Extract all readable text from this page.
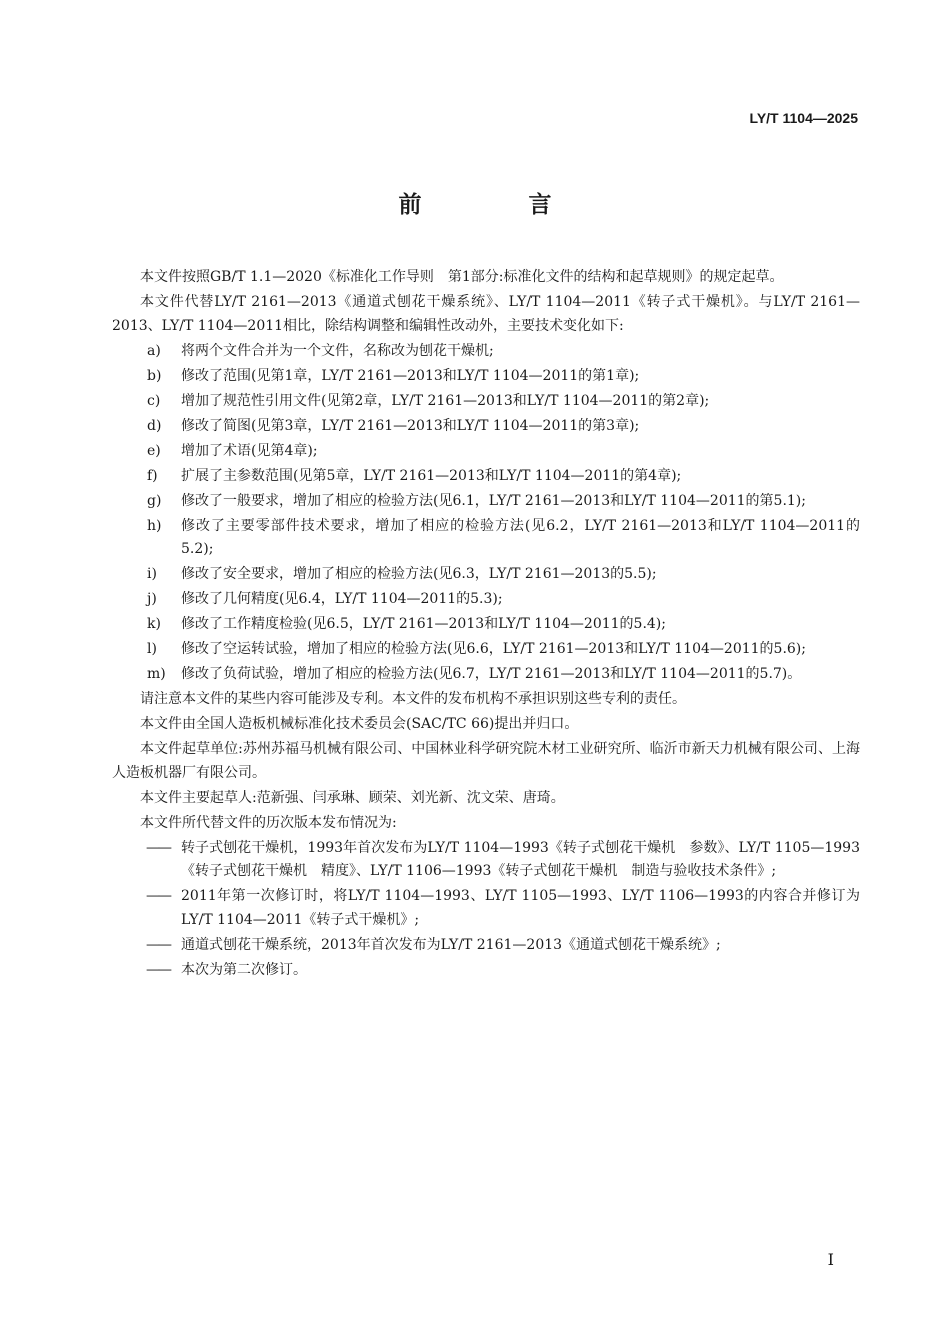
LY/T 1104—2025
前　言

本文件按照GB/T 1.1—2020《标准化工作导则　第1部分:标准化文件的结构和起草规则》的规定起草。

本文件代替LY/T 2161—2013《通道式刨花干燥系统》、LY/T 1104—2011《转子式干燥机》。与LY/T 2161—2013、LY/T 1104—2011相比，除结构调整和编辑性改动外，主要技术变化如下:

a) 将两个文件合并为一个文件，名称改为刨花干燥机;
b) 修改了范围(见第1章，LY/T 2161—2013和LY/T 1104—2011的第1章);
c) 增加了规范性引用文件(见第2章，LY/T 2161—2013和LY/T 1104—2011的第2章);
d) 修改了简图(见第3章，LY/T 2161—2013和LY/T 1104—2011的第3章);
e) 增加了术语(见第4章);
f) 扩展了主参数范围(见第5章，LY/T 2161—2013和LY/T 1104—2011的第4章);
g) 修改了一般要求，增加了相应的检验方法(见6.1，LY/T 2161—2013和LY/T 1104—2011的第5.1);
h) 修改了主要零部件技术要求，增加了相应的检验方法(见6.2，LY/T 2161—2013和LY/T 1104—2011的5.2);
i) 修改了安全要求，增加了相应的检验方法(见6.3，LY/T 2161—2013的5.5);
j) 修改了几何精度(见6.4，LY/T 1104—2011的5.3);
k) 修改了工作精度检验(见6.5，LY/T 2161—2013和LY/T 1104—2011的5.4);
l) 修改了空运转试验，增加了相应的检验方法(见6.6，LY/T 2161—2013和LY/T 1104—2011的5.6);
m) 修改了负荷试验，增加了相应的检验方法(见6.7，LY/T 2161—2013和LY/T 1104—2011的5.7)。

请注意本文件的某些内容可能涉及专利。本文件的发布机构不承担识别这些专利的责任。

本文件由全国人造板机械标准化技术委员会(SAC/TC 66)提出并归口。

本文件起草单位:苏州苏福马机械有限公司、中国林业科学研究院木材工业研究所、临沂市新天力机械有限公司、上海人造板机器厂有限公司。

本文件主要起草人:范新强、闫承琳、顾荣、刘光新、沈文荣、唐琦。

本文件所代替文件的历次版本发布情况为:

—— 转子式刨花干燥机，1993年首次发布为LY/T 1104—1993《转子式刨花干燥机　参数》、LY/T 1105—1993《转子式刨花干燥机　精度》、LY/T 1106—1993《转子式刨花干燥机　制造与验收技术条件》;
—— 2011年第一次修订时，将LY/T 1104—1993、LY/T 1105—1993、LY/T 1106—1993的内容合并修订为LY/T 1104—2011《转子式干燥机》;
—— 通道式刨花干燥系统，2013年首次发布为LY/T 2161—2013《通道式刨花干燥系统》;
—— 本次为第二次修订。
I
